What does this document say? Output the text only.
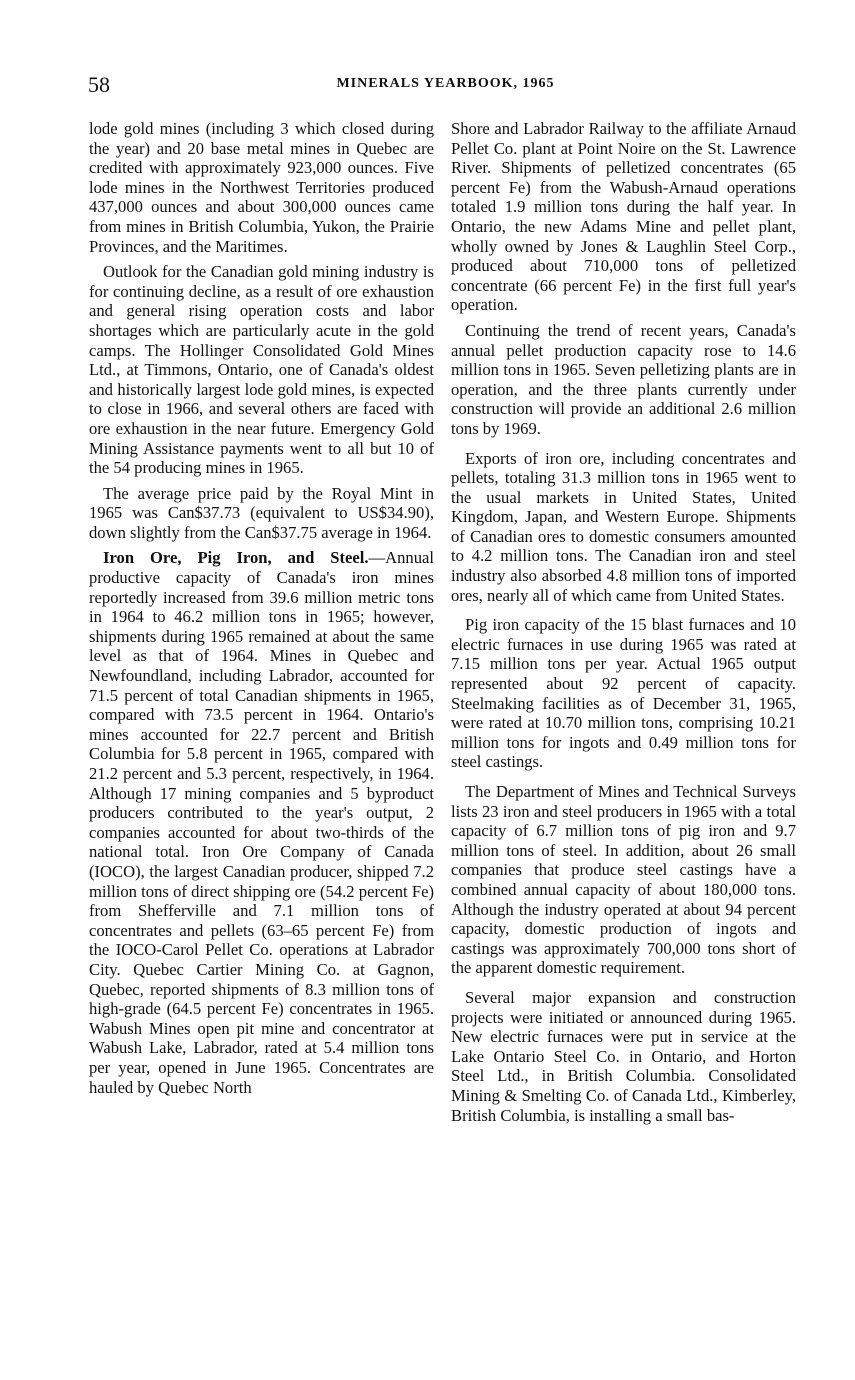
58	MINERALS YEARBOOK, 1965

lode gold mines (including 3 which closed during the year) and 20 base metal mines in Quebec are credited with approximately 923,000 ounces. Five lode mines in the Northwest Territories produced 437,000 ounces and about 300,000 ounces came from mines in British Columbia, Yukon, the Prairie Provinces, and the Maritimes.

Outlook for the Canadian gold mining industry is for continuing decline, as a result of ore exhaustion and general rising operation costs and labor shortages which are particularly acute in the gold camps. The Hollinger Consolidated Gold Mines Ltd., at Timmons, Ontario, one of Canada's oldest and historically largest lode gold mines, is expected to close in 1966, and several others are faced with ore exhaustion in the near future. Emergency Gold Mining Assistance payments went to all but 10 of the 54 producing mines in 1965.

The average price paid by the Royal Mint in 1965 was Can$37.73 (equivalent to US$34.90), down slightly from the Can$37.75 average in 1964.

Iron Ore, Pig Iron, and Steel.—Annual productive capacity of Canada's iron mines reportedly increased from 39.6 million metric tons in 1964 to 46.2 million tons in 1965; however, shipments during 1965 remained at about the same level as that of 1964. Mines in Quebec and Newfoundland, including Labrador, accounted for 71.5 percent of total Canadian shipments in 1965, compared with 73.5 percent in 1964. Ontario's mines accounted for 22.7 percent and British Columbia for 5.8 percent in 1965, compared with 21.2 percent and 5.3 percent, respectively, in 1964. Although 17 mining companies and 5 byproduct producers contributed to the year's output, 2 companies accounted for about two-thirds of the national total. Iron Ore Company of Canada (IOCO), the largest Canadian producer, shipped 7.2 million tons of direct shipping ore (54.2 percent Fe) from Shefferville and 7.1 million tons of concentrates and pellets (63–65 percent Fe) from the IOCO-Carol Pellet Co. operations at Labrador City. Quebec Cartier Mining Co. at Gagnon, Quebec, reported shipments of 8.3 million tons of high-grade (64.5 percent Fe) concentrates in 1965. Wabush Mines open pit mine and concentrator at Wabush Lake, Labrador, rated at 5.4 million tons per year, opened in June 1965. Concentrates are hauled by Quebec North

Shore and Labrador Railway to the affiliate Arnaud Pellet Co. plant at Point Noire on the St. Lawrence River. Shipments of pelletized concentrates (65 percent Fe) from the Wabush-Arnaud operations totaled 1.9 million tons during the half year. In Ontario, the new Adams Mine and pellet plant, wholly owned by Jones & Laughlin Steel Corp., produced about 710,000 tons of pelletized concentrate (66 percent Fe) in the first full year's operation.

Continuing the trend of recent years, Canada's annual pellet production capacity rose to 14.6 million tons in 1965. Seven pelletizing plants are in operation, and the three plants currently under construction will provide an additional 2.6 million tons by 1969.

Exports of iron ore, including concentrates and pellets, totaling 31.3 million tons in 1965 went to the usual markets in United States, United Kingdom, Japan, and Western Europe. Shipments of Canadian ores to domestic consumers amounted to 4.2 million tons. The Canadian iron and steel industry also absorbed 4.8 million tons of imported ores, nearly all of which came from United States.

Pig iron capacity of the 15 blast furnaces and 10 electric furnaces in use during 1965 was rated at 7.15 million tons per year. Actual 1965 output represented about 92 percent of capacity. Steelmaking facilities as of December 31, 1965, were rated at 10.70 million tons, comprising 10.21 million tons for ingots and 0.49 million tons for steel castings.

The Department of Mines and Technical Surveys lists 23 iron and steel producers in 1965 with a total capacity of 6.7 million tons of pig iron and 9.7 million tons of steel. In addition, about 26 small companies that produce steel castings have a combined annual capacity of about 180,000 tons. Although the industry operated at about 94 percent capacity, domestic production of ingots and castings was approximately 700,000 tons short of the apparent domestic requirement.

Several major expansion and construction projects were initiated or announced during 1965. New electric furnaces were put in service at the Lake Ontario Steel Co. in Ontario, and Horton Steel Ltd., in British Columbia. Consolidated Mining & Smelting Co. of Canada Ltd., Kimberley, British Columbia, is installing a small bas-
